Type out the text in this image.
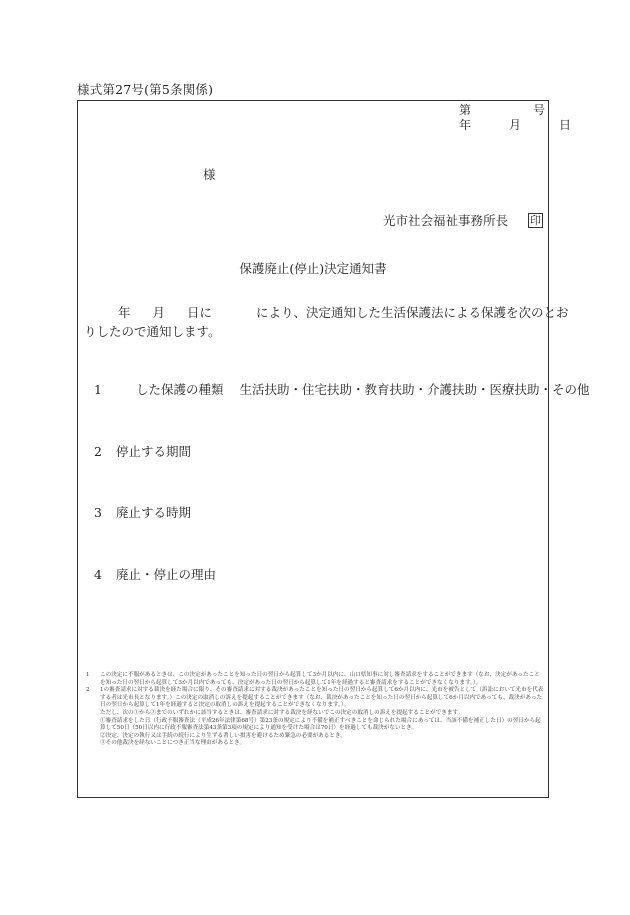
様式第27号(第5条関係)
第	号
年	月	日
様
光市社会福祉事務所長 印
保護廃止(停止)決定通知書
年 月 日に	により、決定通知した生活保護法による保護を次のとお
りしたので通知します。
1	した保護の種類 生活扶助・住宅扶助・教育扶助・介護扶助・医療扶助・その他
2 停止する期間
3 廃止する時期
4 廃止・停止の理由
1	この決定に不服があるときは、この決定があったことを知った日の翌日から起算して3か月以内に、山口県知事に対し審査請求をすることができます（なお、決定があったことを知った日の翌日から起算して3か月以内であっても、決定があった日の翌日から起算して1年を経過すると審査請求をすることができなくなります。）。
2	1の審査請求に対する裁決を経た場合に限り、その審査請求に対する裁決があったことを知った日の翌日から起算して6か月以内に、光市を被告として（訴訟において光市を代表する者は光市長となります。）この決定の取消しの訴えを提起することができます（なお、裁決があったことを知った日の翌日から起算して6か月以内であっても、裁決があった日の翌日から起算して1年を経過すると決定の取消しの訴えを提起することができなくなります。）。
ただし、次の①から③までのいずれかに該当するときは、審査請求に対する裁決を経ないでこの決定の取消しの訴えを提起することができます。
①審査請求をした日（行政不服審査法（平成26年法律第68号）第23条の規定により不備を補正すべきことを命じられた場合にあっては、当該不備を補正した日）の翌日から起算して50日（50日以内に行政不服審査法第43条第3項の規定により通知を受けた場合は70日）を経過しても裁決がないとき。
②決定、決定の執行又は手続の続行により生ずる著しい損害を避けるため緊急の必要があるとき。
③その他裁決を経ないことにつき正当な理由があるとき。
